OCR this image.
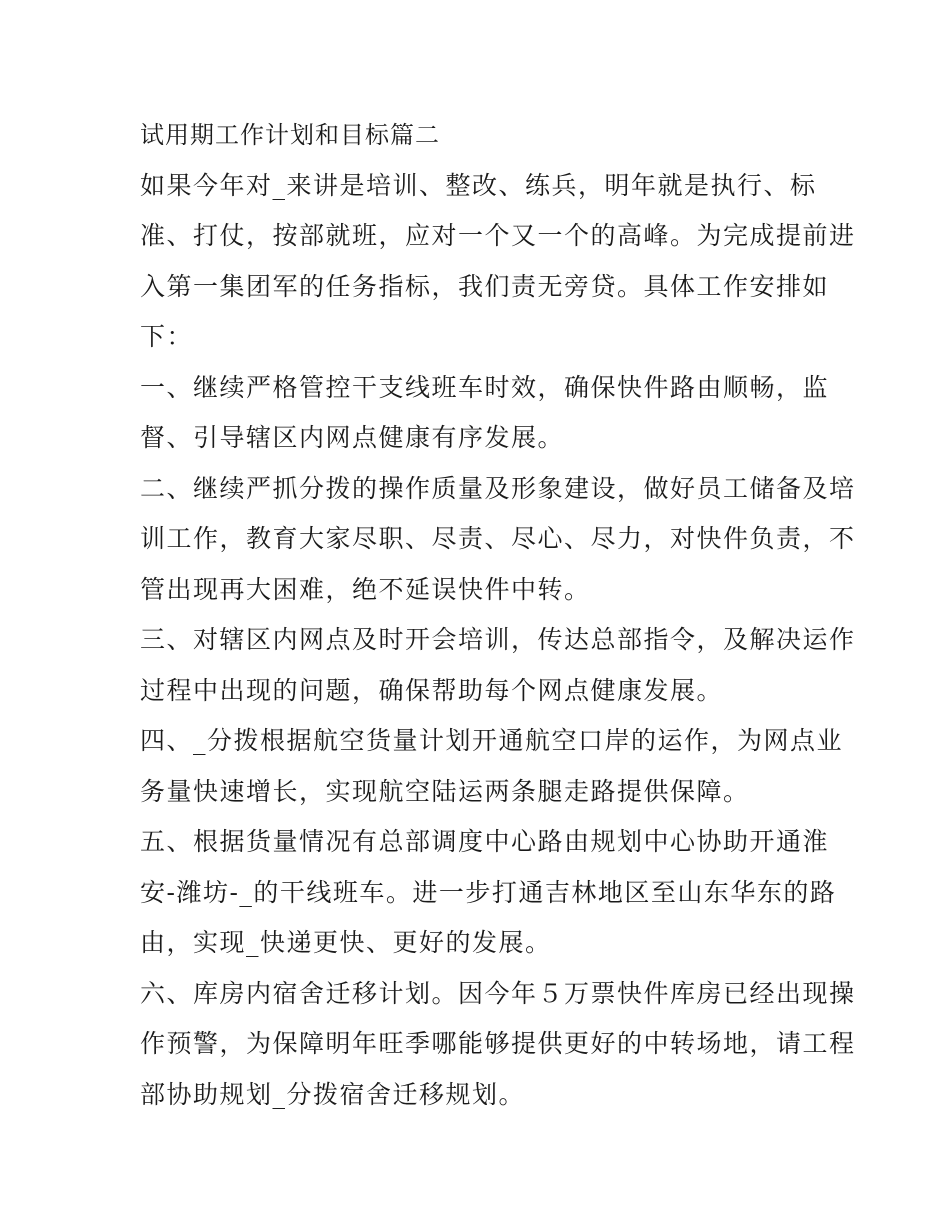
试用期工作计划和目标篇二
如果今年对_来讲是培训、整改、练兵，明年就是执行、标
准、打仗，按部就班，应对一个又一个的高峰。为完成提前进
入第一集团军的任务指标，我们责无旁贷。具体工作安排如
下：
一、继续严格管控干支线班车时效，确保快件路由顺畅，监
督、引导辖区内网点健康有序发展。
二、继续严抓分拨的操作质量及形象建设，做好员工储备及培
训工作，教育大家尽职、尽责、尽心、尽力，对快件负责，不
管出现再大困难，绝不延误快件中转。
三、对辖区内网点及时开会培训，传达总部指令，及解决运作
过程中出现的问题，确保帮助每个网点健康发展。
四、_分拨根据航空货量计划开通航空口岸的运作，为网点业
务量快速增长，实现航空陆运两条腿走路提供保障。
五、根据货量情况有总部调度中心路由规划中心协助开通淮
安-潍坊-_的干线班车。进一步打通吉林地区至山东华东的路
由，实现_快递更快、更好的发展。
六、库房内宿舍迁移计划。因今年５万票快件库房已经出现操
作预警，为保障明年旺季哪能够提供更好的中转场地，请工程
部协助规划_分拨宿舍迁移规划。
